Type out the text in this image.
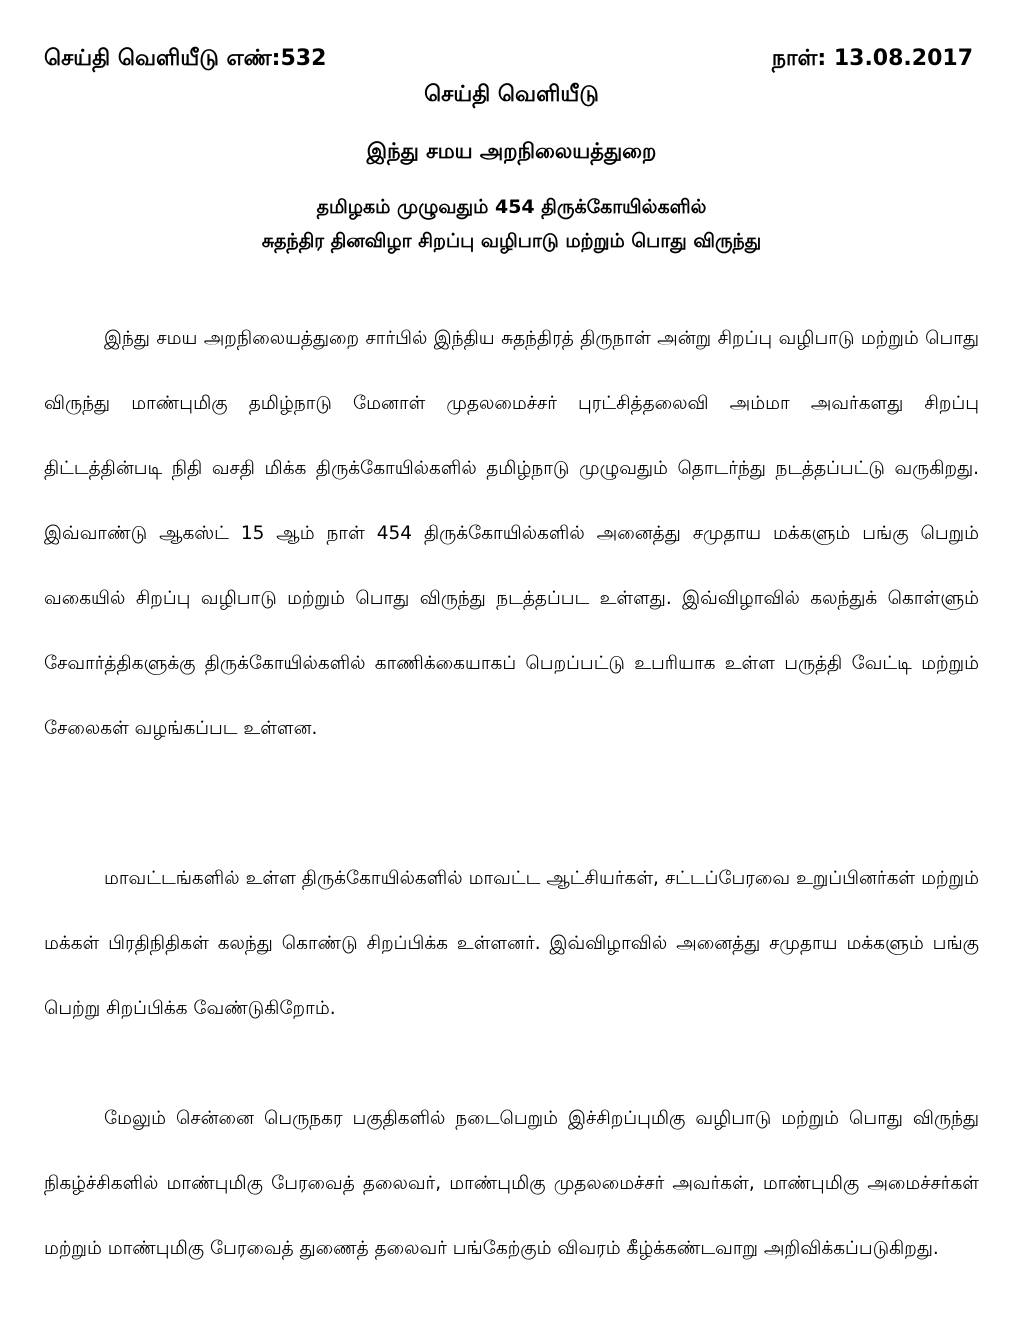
செய்தி வெளியீடு எண்:532	நாள்: 13.08.2017
செய்தி வெளியீடு
இந்து சமய அறநிலையத்துறை
தமிழகம் முழுவதும் 454 திருக்கோயில்களில்
சுதந்திர தினவிழா சிறப்பு வழிபாடு மற்றும் பொது விருந்து

இந்து சமய அறநிலையத்துறை சார்பில் இந்திய சுதந்திரத் திருநாள் அன்று சிறப்பு வழிபாடு மற்றும் பொது விருந்து மாண்புமிகு தமிழ்நாடு மேனாள் முதலமைச்சர் புரட்சித்தலைவி அம்மா அவர்களது சிறப்பு திட்டத்தின்படி நிதி வசதி மிக்க திருக்கோயில்களில் தமிழ்நாடு முழுவதும் தொடர்ந்து நடத்தப்பட்டு வருகிறது. இவ்வாண்டு ஆகஸ்ட் 15 ஆம் நாள் 454 திருக்கோயில்களில் அனைத்து சமுதாய மக்களும் பங்கு பெறும் வகையில் சிறப்பு வழிபாடு மற்றும் பொது விருந்து நடத்தப்பட உள்ளது. இவ்விழாவில் கலந்துக் கொள்ளும் சேவார்த்திகளுக்கு திருக்கோயில்களில் காணிக்கையாகப் பெறப்பட்டு உபரியாக உள்ள பருத்தி வேட்டி மற்றும் சேலைகள் வழங்கப்பட உள்ளன.

மாவட்டங்களில் உள்ள திருக்கோயில்களில் மாவட்ட ஆட்சியர்கள், சட்டப்பேரவை உறுப்பினர்கள் மற்றும் மக்கள் பிரதிநிதிகள் கலந்து கொண்டு சிறப்பிக்க உள்ளனர். இவ்விழாவில் அனைத்து சமுதாய மக்களும் பங்கு பெற்று சிறப்பிக்க வேண்டுகிறோம்.

மேலும் சென்னை பெருநகர பகுதிகளில் நடைபெறும் இச்சிறப்புமிகு வழிபாடு மற்றும் பொது விருந்து நிகழ்ச்சிகளில் மாண்புமிகு பேரவைத் தலைவர், மாண்புமிகு முதலமைச்சர் அவர்கள், மாண்புமிகு அமைச்சர்கள் மற்றும் மாண்புமிகு பேரவைத் துணைத் தலைவர் பங்கேற்கும் விவரம் கீழ்க்கண்டவாறு அறிவிக்கப்படுகிறது.
